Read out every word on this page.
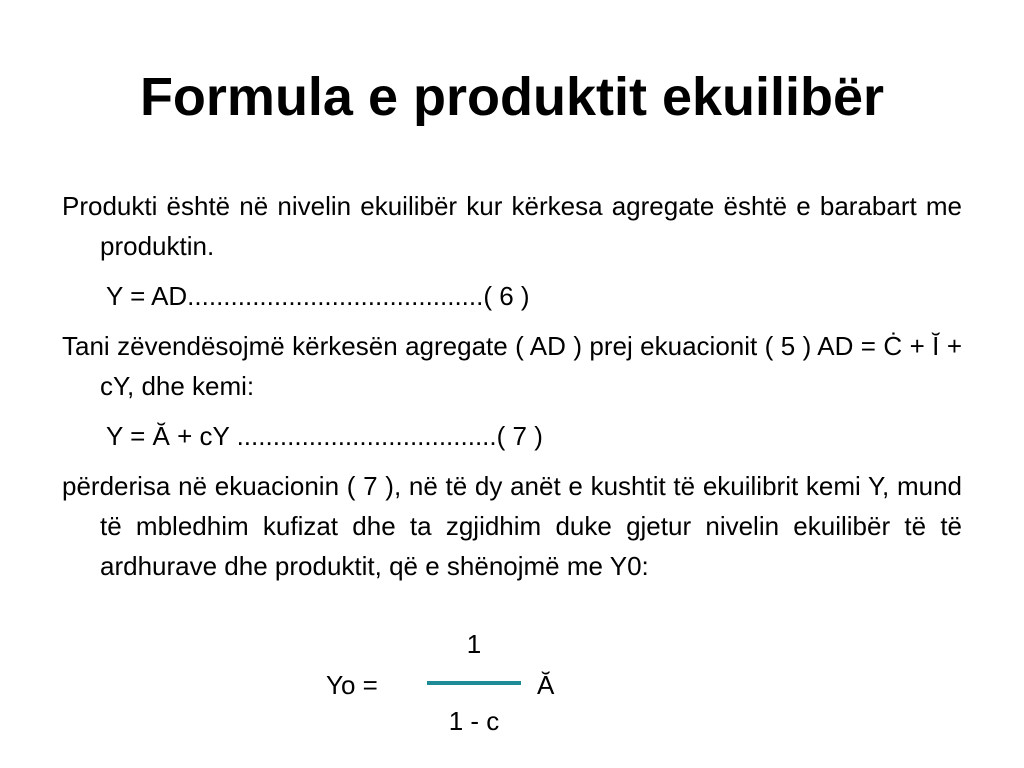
Formula e produktit ekuilibër
Produkti është në nivelin ekuilibër kur kërkesa agregate është e barabart me produktin.
Y = AD.........................................( 6 )
Tani zëvendësojmë kërkesën agregate ( AD ) prej ekuacionit ( 5 ) AD = Ċ + Ĭ + cY, dhe kemi:
Y = Ă + cY ....................................( 7 )
përderisa në ekuacionin ( 7 ), në të dy anët e kushtit të ekuilibrit kemi Y, mund të mbledhim kufizat dhe ta zgjidhim duke gjetur nivelin ekuilibër të të ardhurave dhe produktit, që e shënojmë me Y0:
Yo =
1
1 - c
Ă
